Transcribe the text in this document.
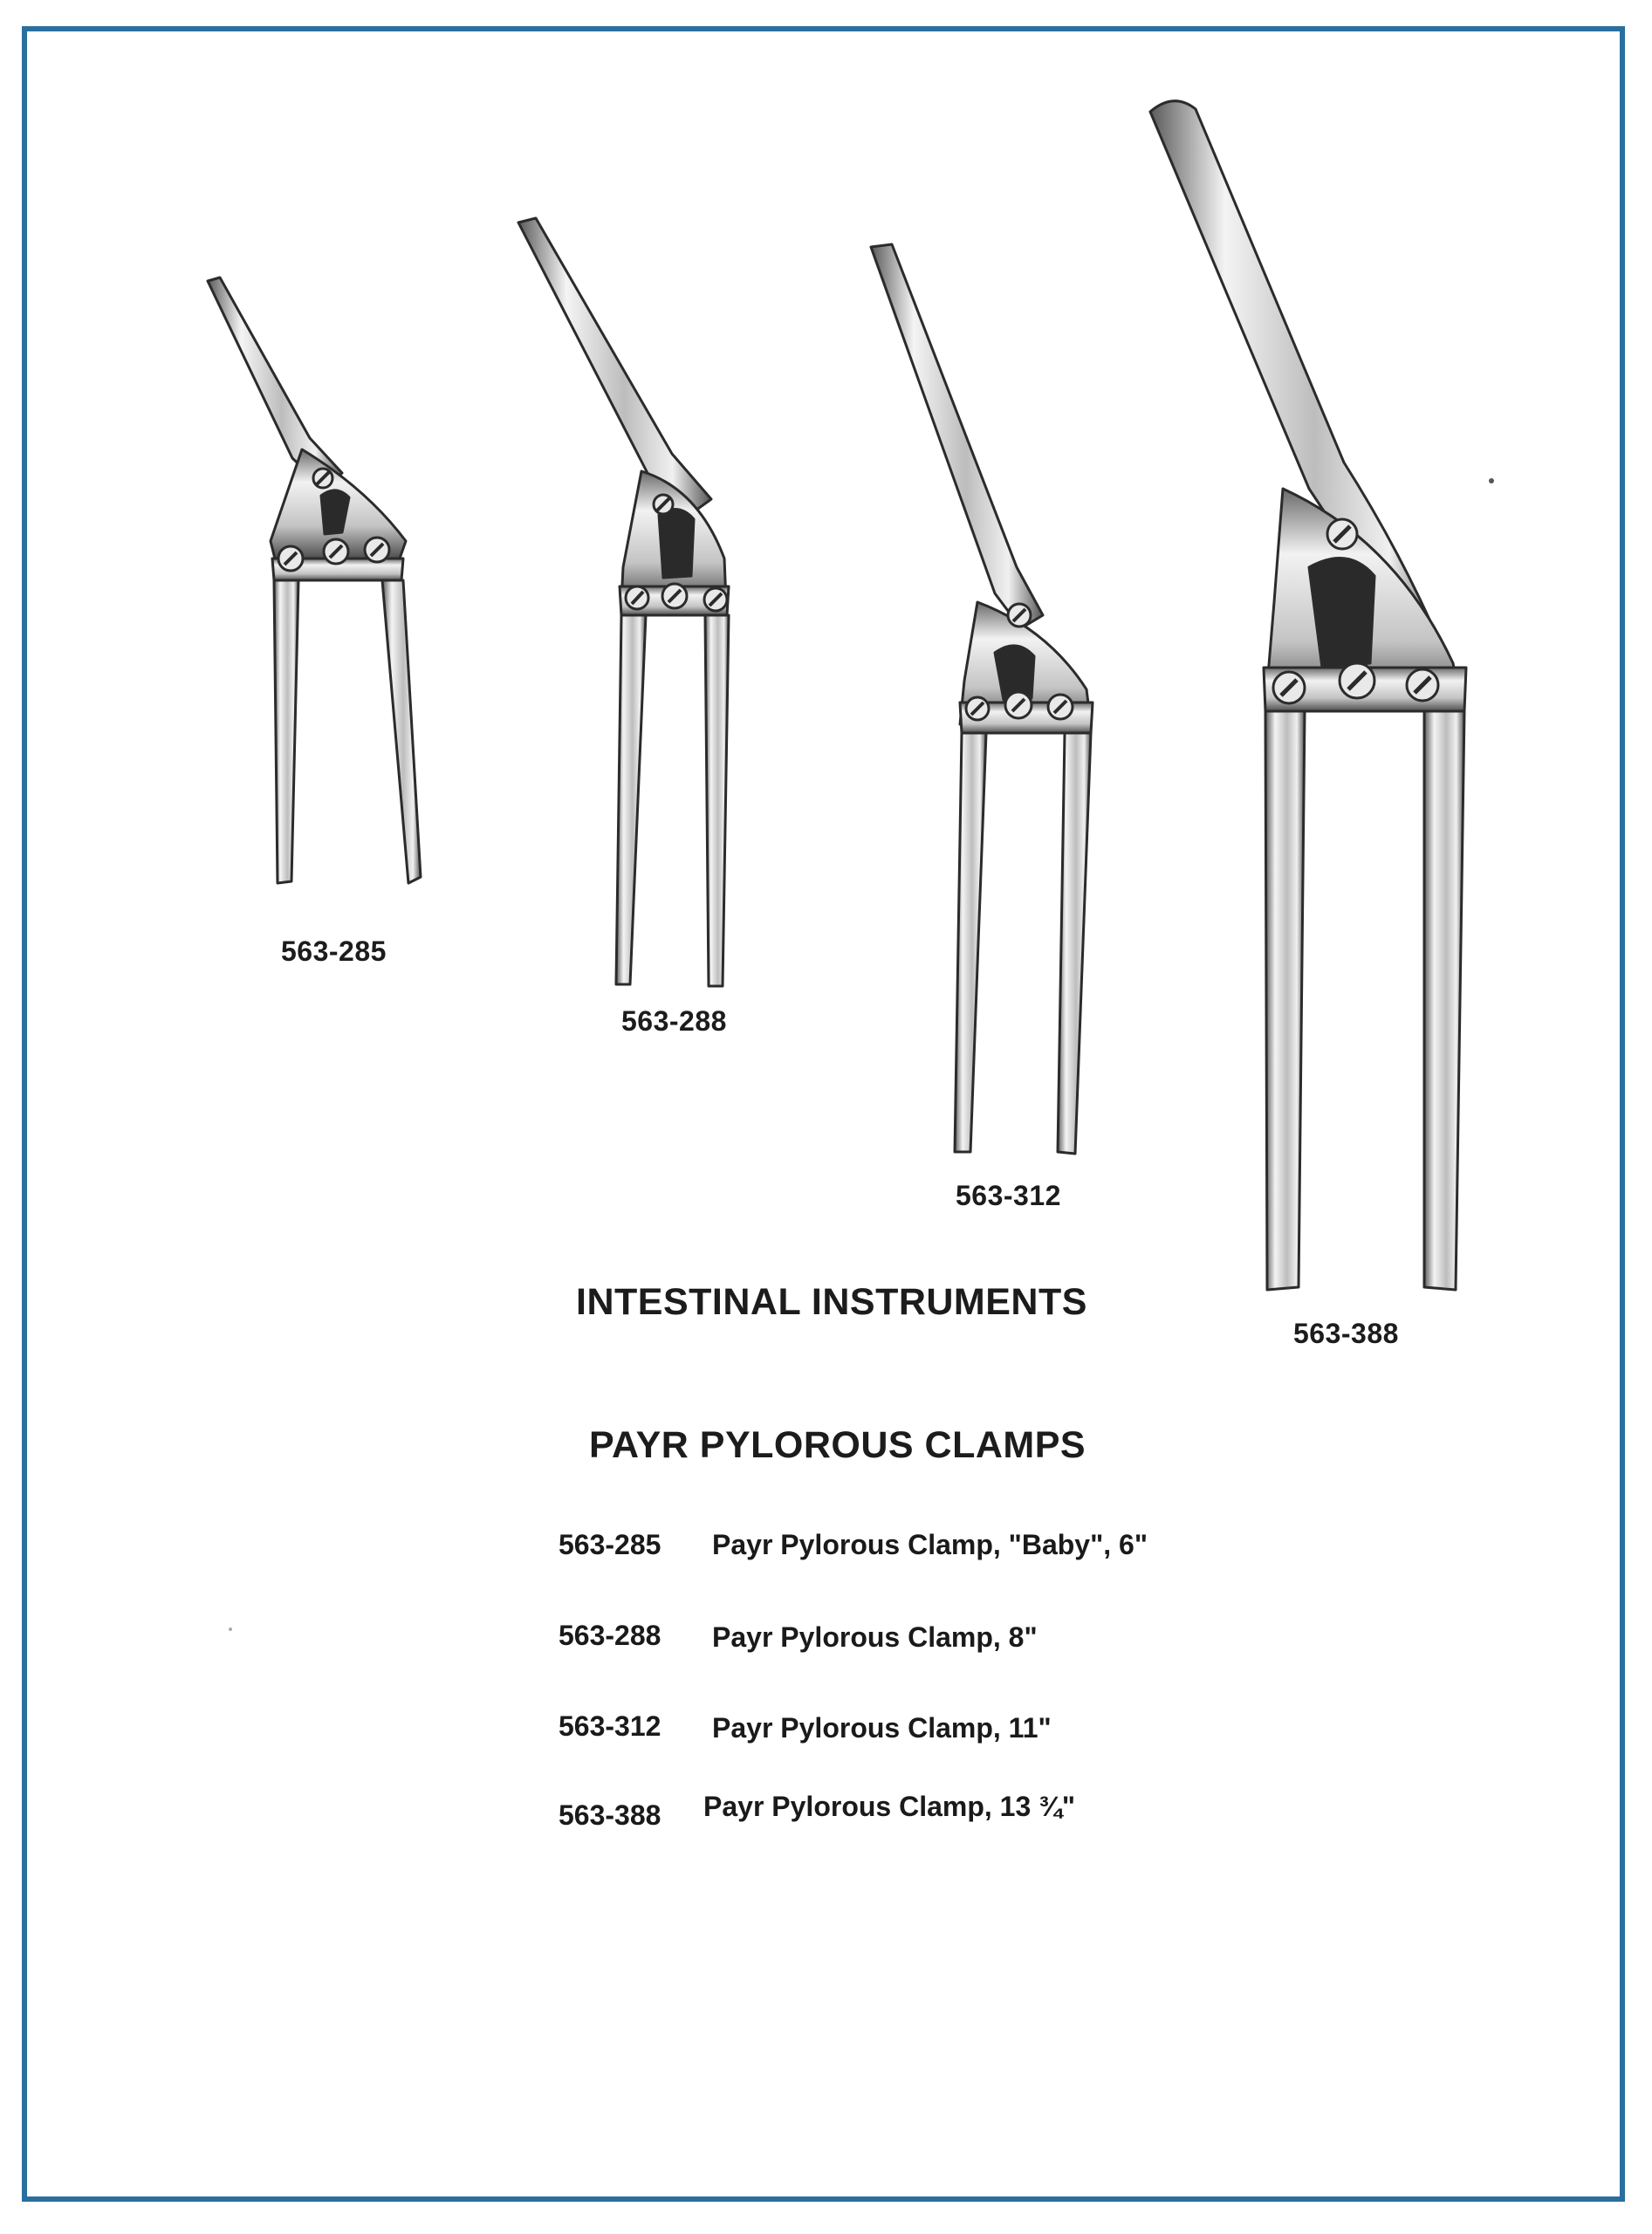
563-285
563-288
563-312
563-388
INTESTINAL INSTRUMENTS
PAYR PYLOROUS CLAMPS
563-285 Payr Pylorous Clamp, "Baby", 6"
563-288 Payr Pylorous Clamp, 8"
563-312 Payr Pylorous Clamp, 11"
563-388 Payr Pylorous Clamp, 13 ¾"
